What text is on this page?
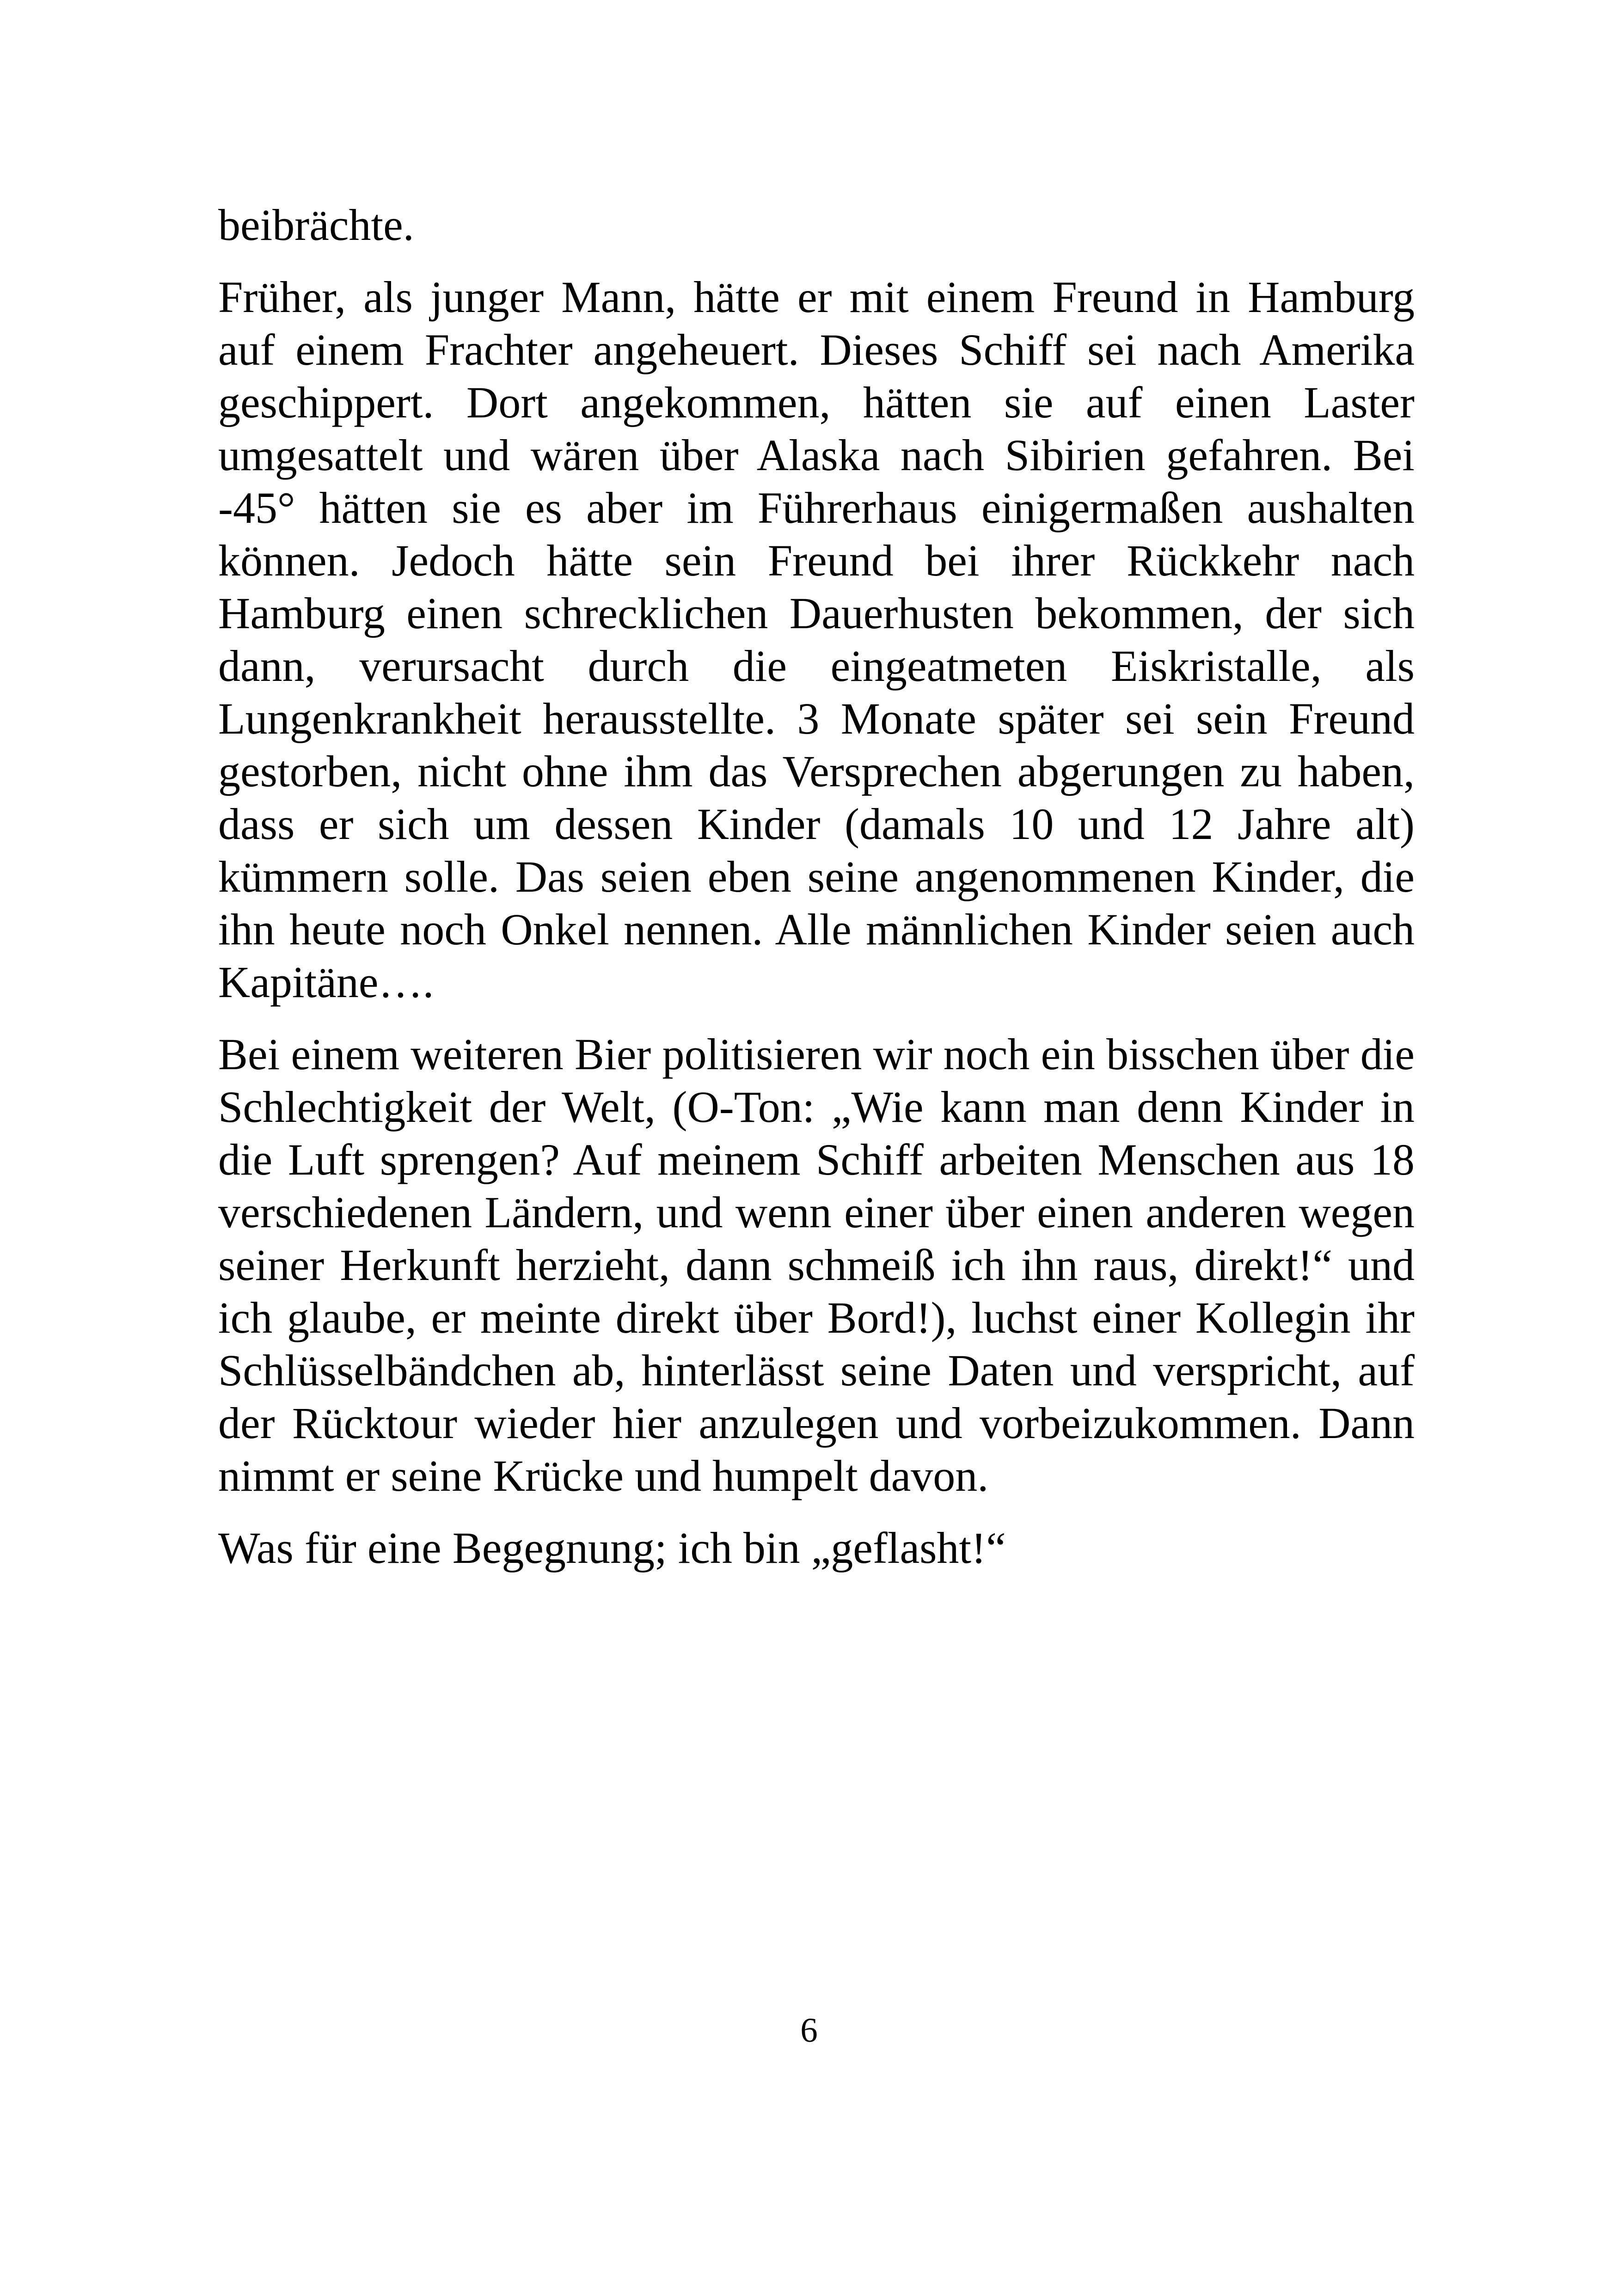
beibrächte.

Früher, als junger Mann, hätte er mit einem Freund in Hamburg auf einem Frachter angeheuert. Dieses Schiff sei nach Amerika geschippert. Dort angekommen, hätten sie auf einen Laster umgesattelt und wären über Alaska nach Sibirien gefahren. Bei -45° hätten sie es aber im Führerhaus einigermaßen aushalten können. Jedoch hätte sein Freund bei ihrer Rückkehr nach Hamburg einen schrecklichen Dauerhusten bekommen, der sich dann, verursacht durch die eingeatmeten Eiskristalle, als Lungenkrankheit herausstellte. 3 Monate später sei sein Freund gestorben, nicht ohne ihm das Versprechen abgerungen zu haben, dass er sich um dessen Kinder (damals 10 und 12 Jahre alt) kümmern solle. Das seien eben seine angenommenen Kinder, die ihn heute noch Onkel nennen. Alle männlichen Kinder seien auch Kapitäne….

Bei einem weiteren Bier politisieren wir noch ein bisschen über die Schlechtigkeit der Welt, (O-Ton: „Wie kann man denn Kinder in die Luft sprengen? Auf meinem Schiff arbeiten Menschen aus 18 verschiedenen Ländern, und wenn einer über einen anderen wegen seiner Herkunft herzieht, dann schmeiß ich ihn raus, direkt!“ und ich glaube, er meinte direkt über Bord!), luchst einer Kollegin ihr Schlüsselbändchen ab, hinterlässt seine Daten und verspricht, auf der Rücktour wieder hier anzulegen und vorbeizukommen. Dann nimmt er seine Krücke und humpelt davon.

Was für eine Begegnung; ich bin „geflasht!“

6
